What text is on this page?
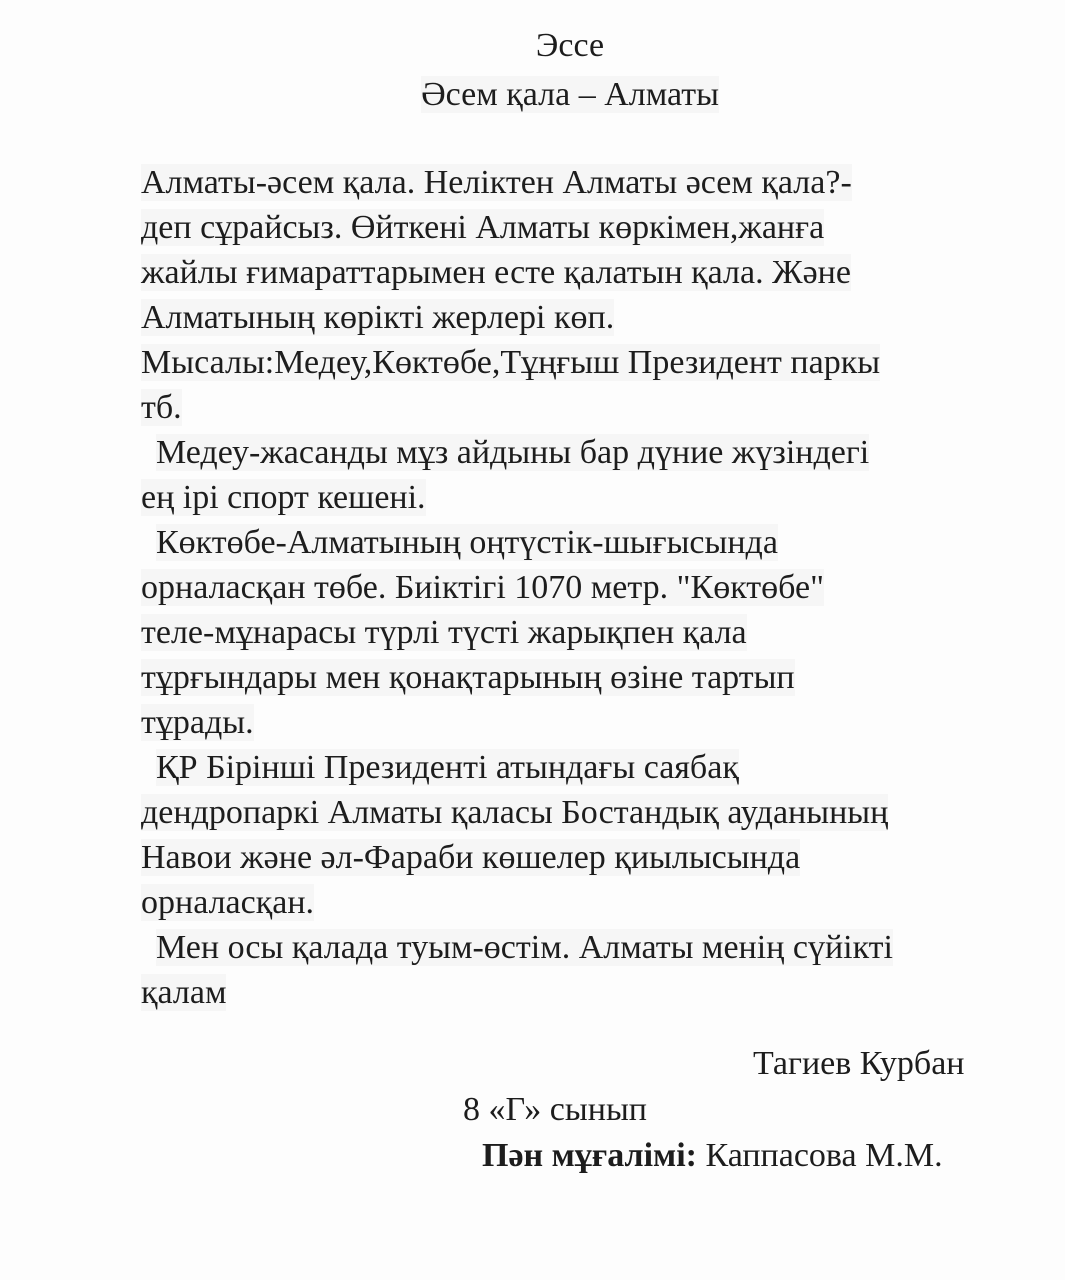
Эссе
Әсем қала – Алматы
Алматы-әсем қала. Неліктен Алматы әсем қала?-
деп сұрайсыз. Өйткені Алматы көркімен,жанға
жайлы ғимараттарымен есте қалатын қала. Және
Алматының көрікті жерлері көп.
Мысалы:Медеу,Көктөбе,Тұңғыш Президент паркы
тб.
Медеу-жасанды мұз айдыны бар дүние жүзіндегі
ең ірі спорт кешені.
Көктөбе-Алматының оңтүстік-шығысында
орналасқан төбе. Биіктігі 1070 метр. "Көктөбе"
теле-мұнарасы түрлі түсті жарықпен қала
тұрғындары мен қонақтарының өзіне тартып
тұрады.
ҚР Бірінші Президенті атындағы саябақ
дендропаркі Алматы қаласы Бостандық ауданының
Навои және әл-Фараби көшелер қиылысында
орналасқан.
Мен осы қалада туым-өстім. Алматы менің сүйікті
қалам
Тагиев Курбан
8 «Г» сынып
Пән мұғалімі: Каппасова М.М.
